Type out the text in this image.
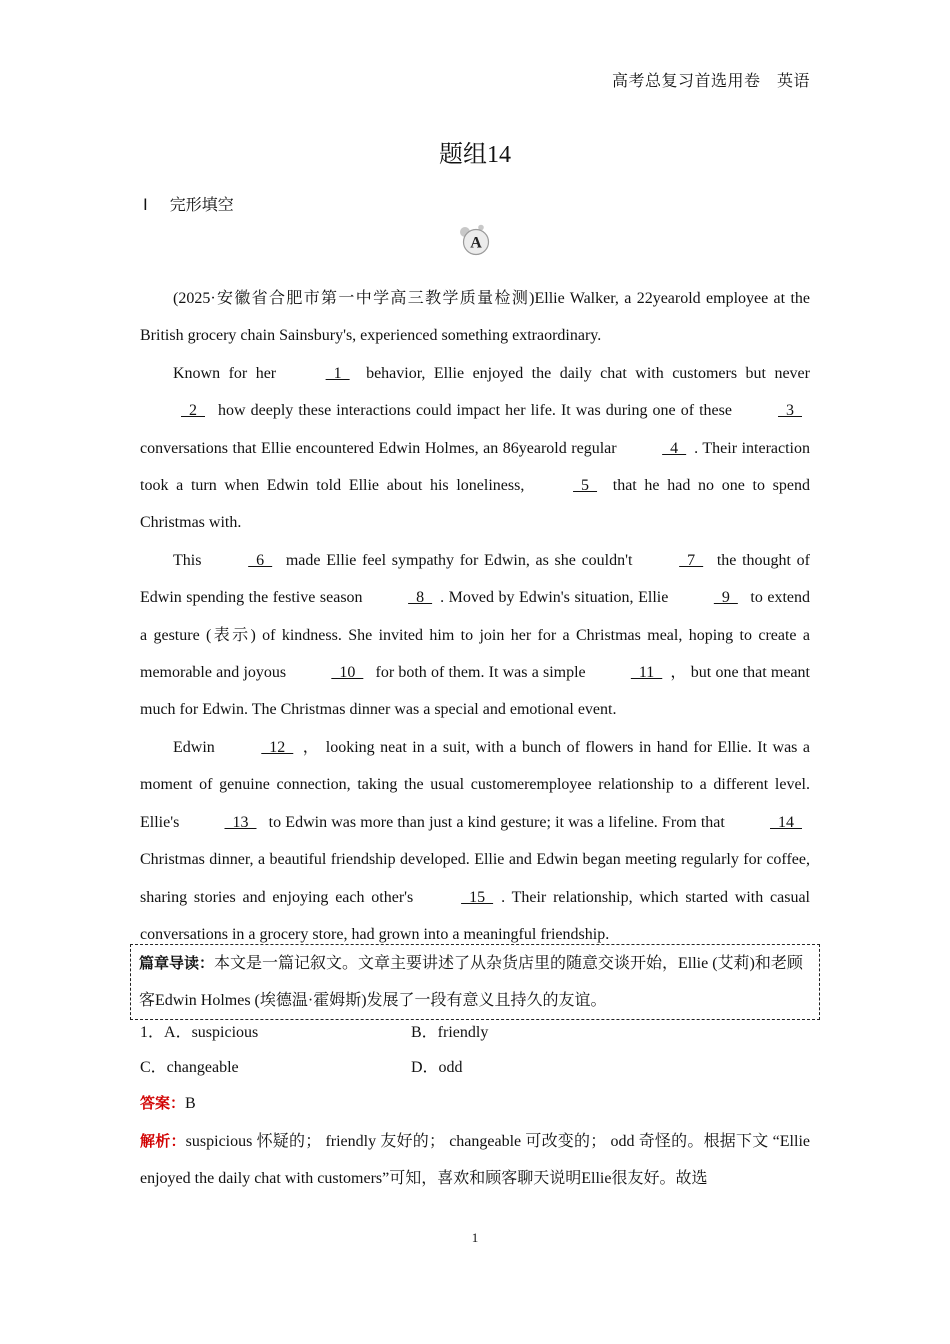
高考总复习首选用卷　英语
题组14
Ⅰ 完形填空
A

(2025·安徽省合肥市第一中学高三教学质量检测)Ellie Walker, a 22yearold employee at the British grocery chain Sainsbury's, experienced something extraordinary.

Known for her	 1  behavior, Ellie enjoyed the daily chat with customers but never  2  how deeply these interactions could impact her life. It was during one of these	 3  conversations that Ellie encountered Edwin Holmes, an 86yearold regular	 4 . Their interaction took a turn when Edwin told Ellie about his loneliness,	 5  that he had no one to spend Christmas with.

This	 6  made Ellie feel sympathy for Edwin, as she couldn't	 7  the thought of Edwin spending the festive season	 8 . Moved by Edwin's situation, Ellie	 9  to extend a gesture (表示) of kindness. She invited him to join her for a Christmas meal, hoping to create a memorable and joyous	 10  for both of them. It was a simple	 11 ， but one that meant much for Edwin. The Christmas dinner was a special and emotional event.

Edwin	 12 ， looking neat in a suit, with a bunch of flowers in hand for Ellie. It was a moment of genuine connection, taking the usual customeremployee relationship to a different level. Ellie's	 13  to Edwin was more than just a kind gesture; it was a lifeline. From that	 14  Christmas dinner, a beautiful friendship developed. Ellie and Edwin began meeting regularly for coffee, sharing stories and enjoying each other's	 15 . Their relationship, which started with casual conversations in a grocery store, had grown into a meaningful friendship.

篇章导读：本文是一篇记叙文。文章主要讲述了从杂货店里的随意交谈开始，Ellie (艾莉)和老顾客Edwin Holmes (埃德温·霍姆斯)发展了一段有意义且持久的友谊。
1．A．suspicious	B．friendly
C．changeable	D．odd
答案：B
解析：suspicious 怀疑的； friendly 友好的； changeable 可改变的； odd 奇怪的。根据下文 “Ellie enjoyed the daily chat with customers”可知，喜欢和顾客聊天说明Ellie很友好。故选
1
